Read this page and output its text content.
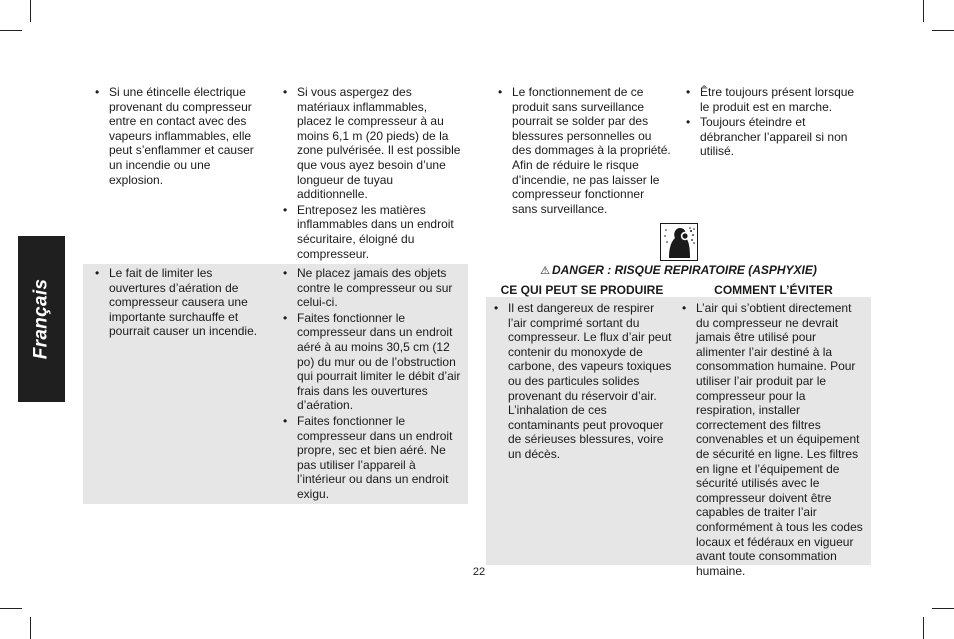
Français
• Si une étincelle électrique provenant du compresseur entre en contact avec des vapeurs inflammables, elle peut s’enflammer et causer un incendie ou une explosion.
• Si vous aspergez des matériaux inflammables, placez le compresseur à au moins 6,1 m (20 pieds) de la zone pulvérisée. Il est possible que vous ayez besoin d’une longueur de tuyau additionnelle.
• Entreposez les matières inflammables dans un endroit sécuritaire, éloigné du compresseur.
• Le fait de limiter les ouvertures d’aération de compresseur causera une importante surchauffe et pourrait causer un incendie.
• Ne placez jamais des objets contre le compresseur ou sur celui-ci.
• Faites fonctionner le compresseur dans un endroit aéré à au moins 30,5 cm (12 po) du mur ou de l’obstruction qui pourrait limiter le débit d’air frais dans les ouvertures d’aération.
• Faites fonctionner le compresseur dans un endroit propre, sec et bien aéré. Ne pas utiliser l’appareil à l’intérieur ou dans un endroit exigu.
• Le fonctionnement de ce produit sans surveillance pourrait se solder par des blessures personnelles ou des dommages à la propriété. Afin de réduire le risque d’incendie, ne pas laisser le compresseur fonctionner sans surveillance.
• Être toujours présent lorsque le produit est en marche.
• Toujours éteindre et débrancher l’appareil si non utilisé.
⚠ DANGER : RISQUE REPIRATOIRE (ASPHYXIE)
CE QUI PEUT SE PRODUIRE	COMMENT L’ÉVITER
• Il est dangereux de respirer l’air comprimé sortant du compresseur. Le flux d’air peut contenir du monoxyde de carbone, des vapeurs toxiques ou des particules solides provenant du réservoir d’air. L’inhalation de ces contaminants peut provoquer de sérieuses blessures, voire un décès.
• L’air qui s’obtient directement du compresseur ne devrait jamais être utilisé pour alimenter l’air destiné à la consommation humaine. Pour utiliser l’air produit par le compresseur pour la respiration, installer correctement des filtres convenables et un équipement de sécurité en ligne. Les filtres en ligne et l’équipement de sécurité utilisés avec le compresseur doivent être capables de traiter l’air conformément à tous les codes locaux et fédéraux en vigueur avant toute consommation humaine.
22
